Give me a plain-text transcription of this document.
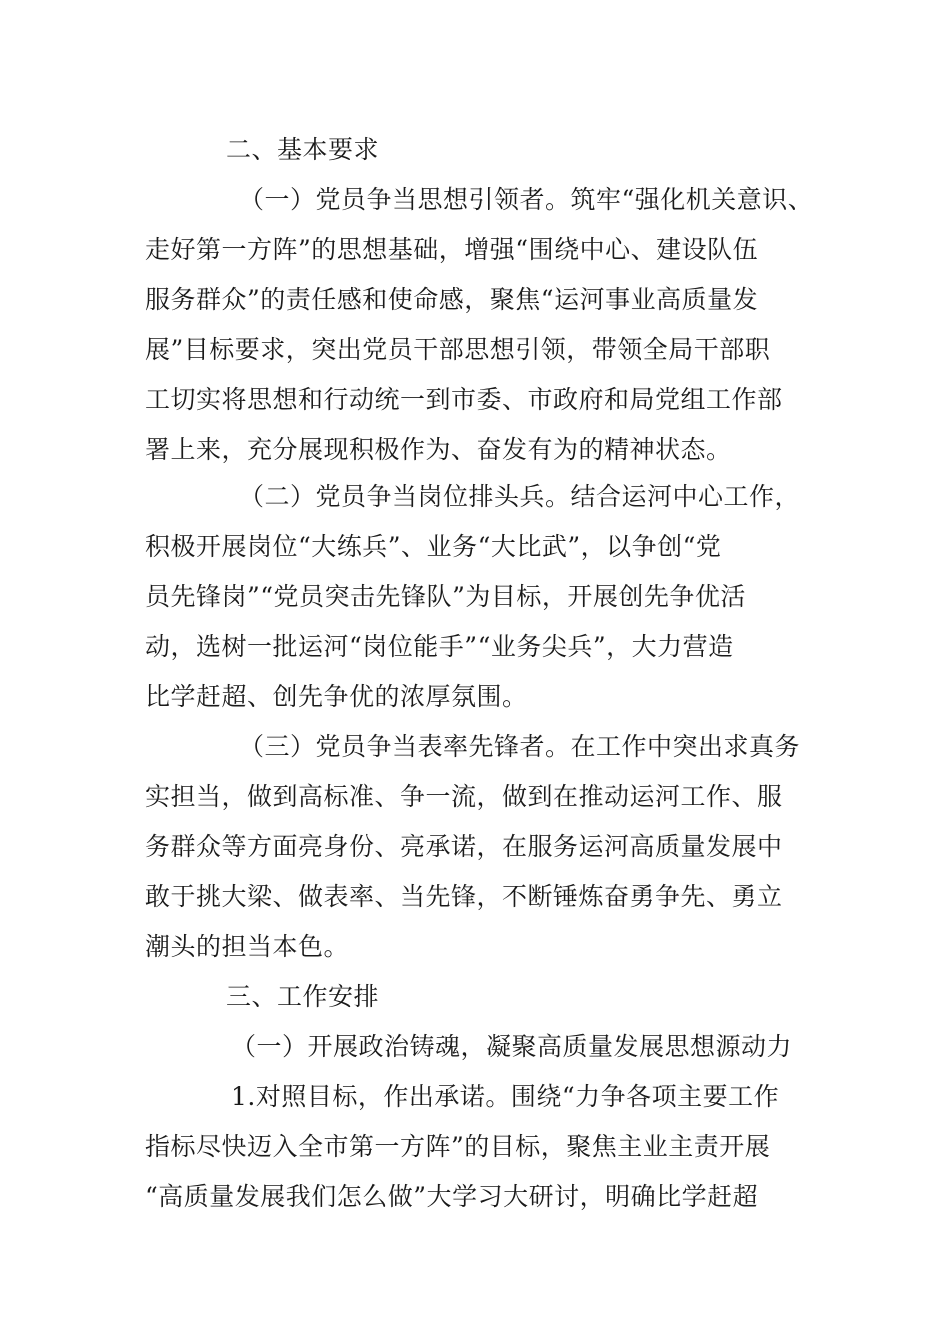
二、基本要求
（一）党员争当思想引领者。筑牢“强化机关意识、
走好第一方阵”的思想基础，增强“围绕中心、建设队伍
服务群众”的责任感和使命感，聚焦“运河事业高质量发
展”目标要求，突出党员干部思想引领，带领全局干部职
工切实将思想和行动统一到市委、市政府和局党组工作部
署上来，充分展现积极作为、奋发有为的精神状态。
（二）党员争当岗位排头兵。结合运河中心工作，
积极开展岗位“大练兵”、业务“大比武”，以争创“党
员先锋岗”“党员突击先锋队”为目标，开展创先争优活
动，选树一批运河“岗位能手”“业务尖兵”，大力营造
比学赶超、创先争优的浓厚氛围。
（三）党员争当表率先锋者。在工作中突出求真务
实担当，做到高标准、争一流，做到在推动运河工作、服
务群众等方面亮身份、亮承诺，在服务运河高质量发展中
敢于挑大梁、做表率、当先锋，不断锤炼奋勇争先、勇立
潮头的担当本色。
三、工作安排
（一）开展政治铸魂，凝聚高质量发展思想源动力
1.对照目标，作出承诺。围绕“力争各项主要工作
指标尽快迈入全市第一方阵”的目标，聚焦主业主责开展
“高质量发展我们怎么做”大学习大研讨，明确比学赶超
